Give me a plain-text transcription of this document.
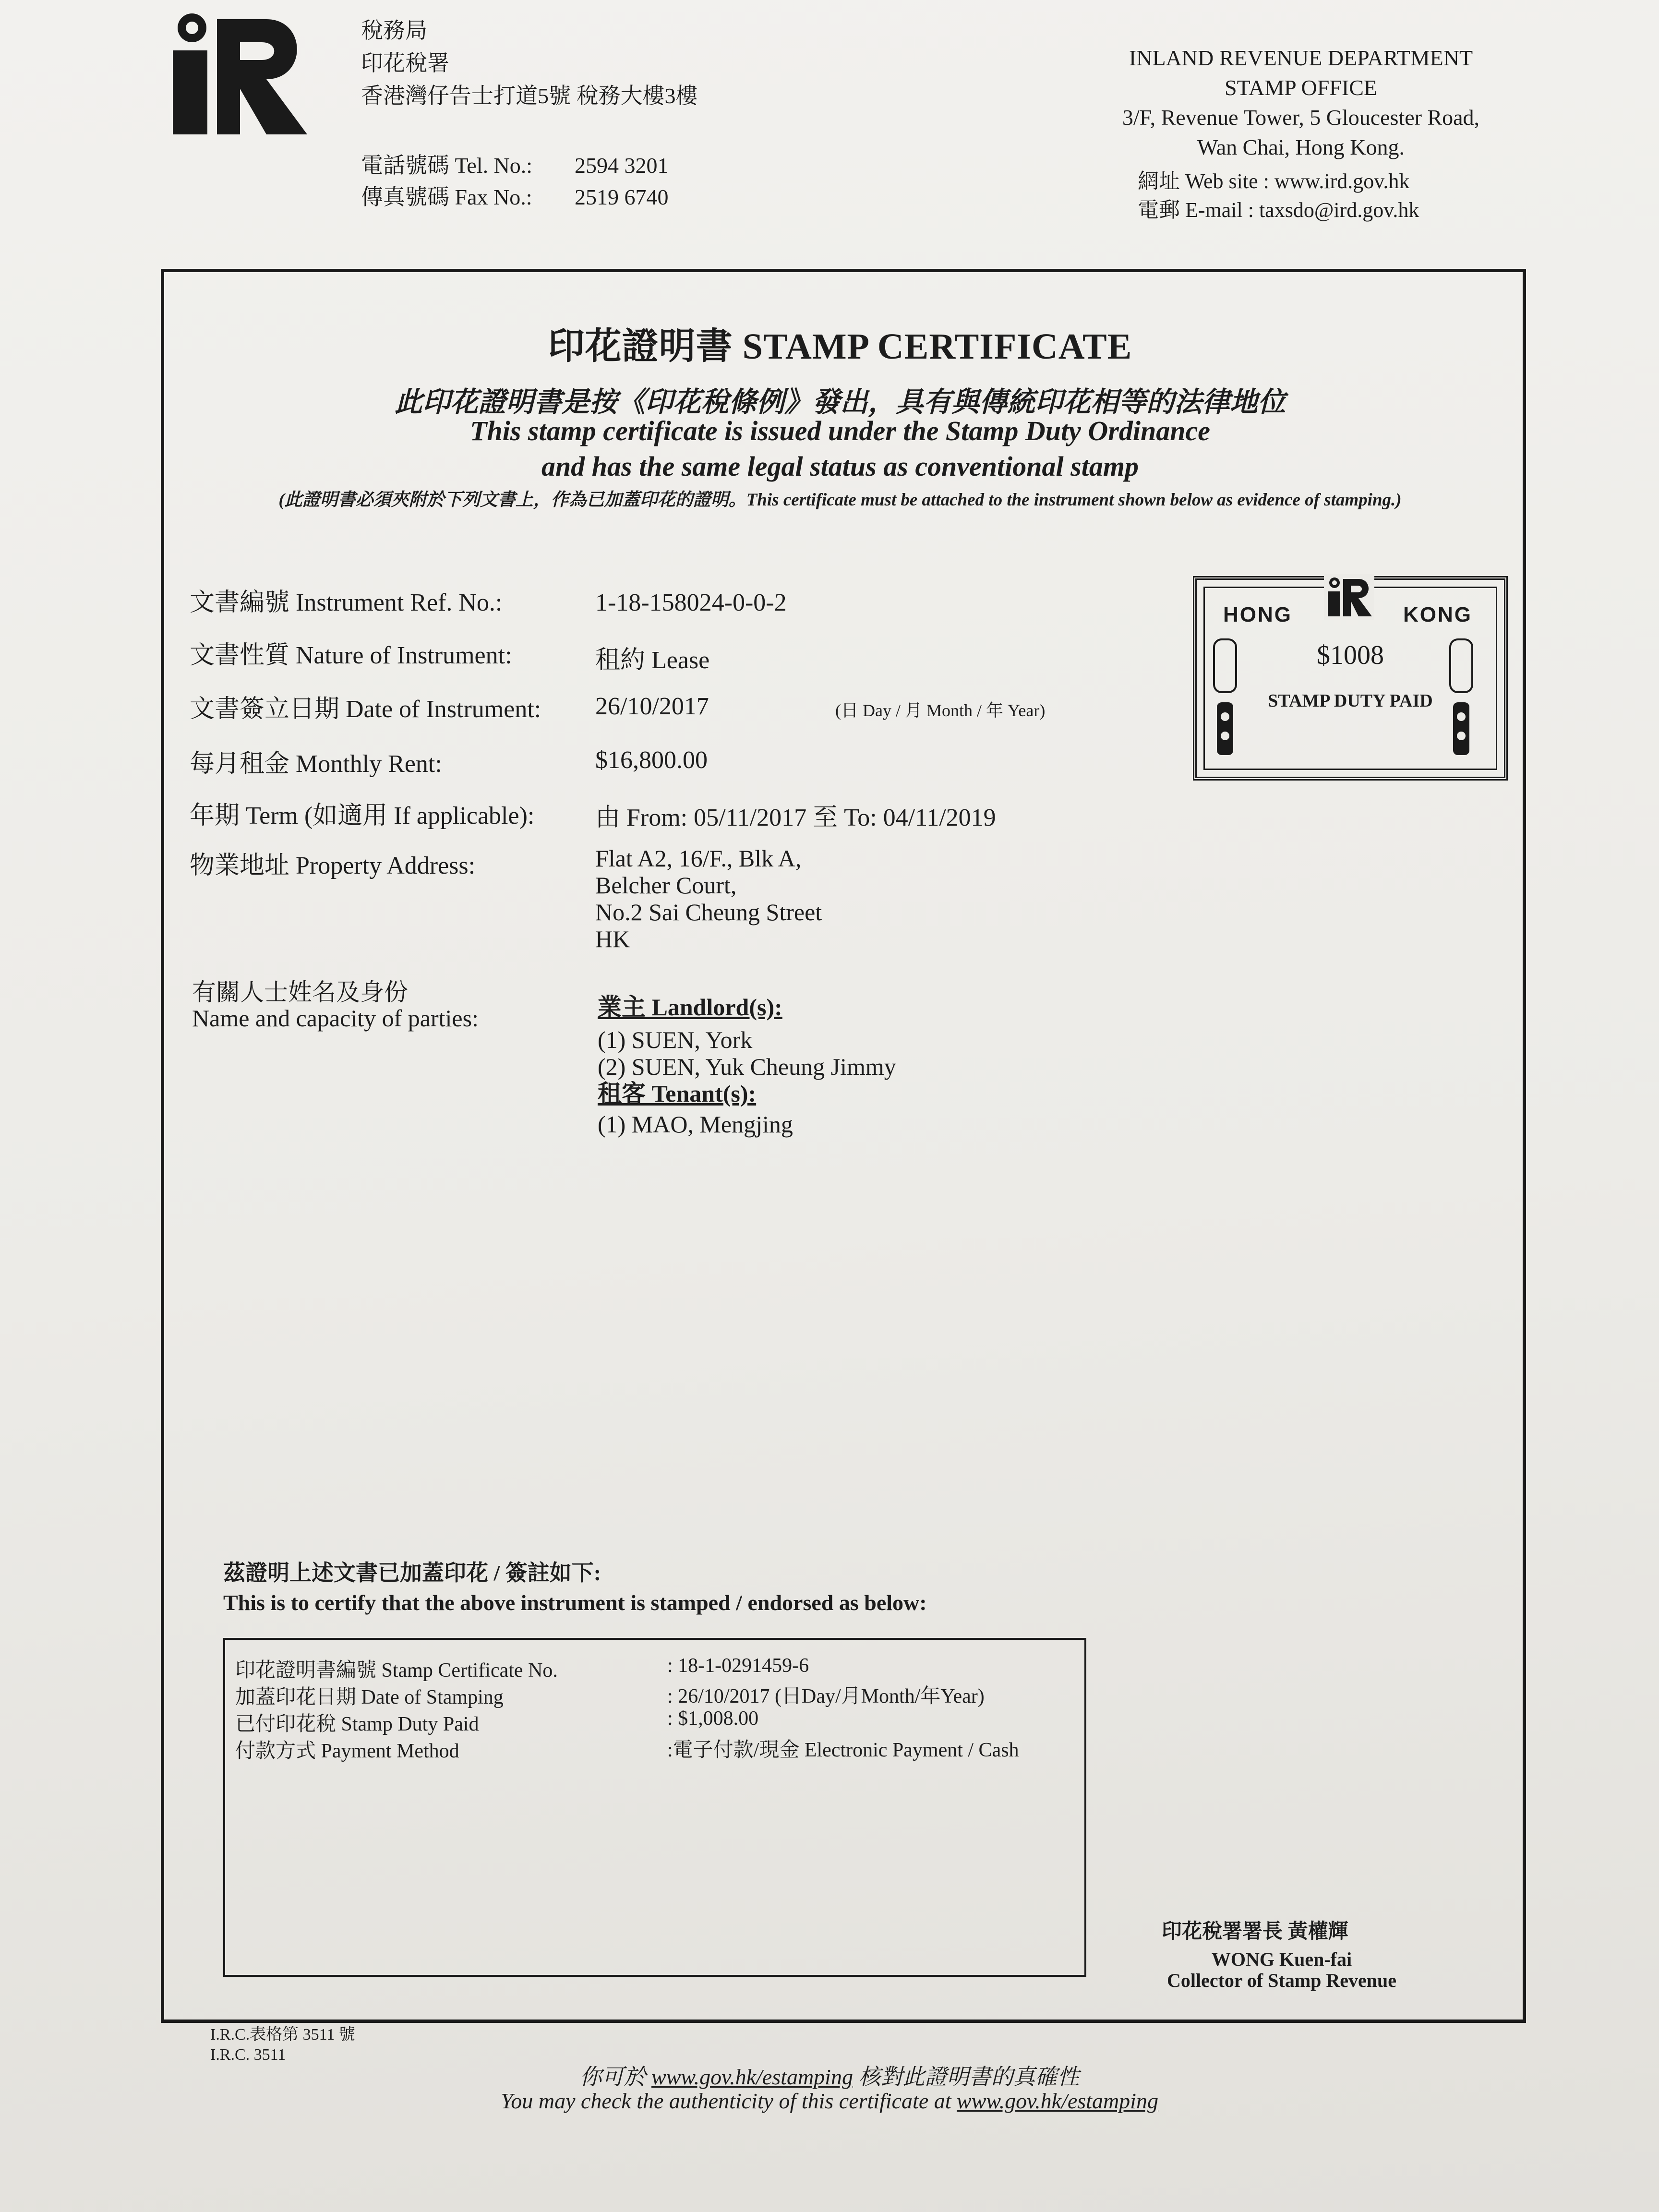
稅務局
印花稅署
香港灣仔告士打道5號 稅務大樓3樓
電話號碼 Tel. No.: 2594 3201
傳真號碼 Fax No.: 2519 6740
INLAND REVENUE DEPARTMENT
STAMP OFFICE
3/F, Revenue Tower, 5 Gloucester Road,
Wan Chai, Hong Kong.
網址 Web site : www.ird.gov.hk
電郵 E-mail : taxsdo@ird.gov.hk
印花證明書 STAMP CERTIFICATE
此印花證明書是按《印花稅條例》發出，具有與傳統印花相等的法律地位
This stamp certificate is issued under the Stamp Duty Ordinance
and has the same legal status as conventional stamp
(此證明書必須夾附於下列文書上，作為已加蓋印花的證明。This certificate must be attached to the instrument shown below as evidence of stamping.)
文書編號 Instrument Ref. No.:	1-18-158024-0-0-2
文書性質 Nature of Instrument:	租約 Lease
文書簽立日期 Date of Instrument: 26/10/2017	(日 Day / 月 Month / 年 Year)
每月租金 Monthly Rent:	$16,800.00
年期 Term (如適用 If applicable): 由 From: 05/11/2017 至 To: 04/11/2019
物業地址 Property Address:	Flat A2, 16/F., Blk A,
Belcher Court,
No.2 Sai Cheung Street
HK
有關人士姓名及身份
Name and capacity of parties:	業主 Landlord(s):
(1) SUEN, York
(2) SUEN, Yuk Cheung Jimmy
租客 Tenant(s):
(1) MAO, Mengjing
HONG	KONG
$1008
STAMP DUTY PAID
茲證明上述文書已加蓋印花 / 簽註如下:
This is to certify that the above instrument is stamped / endorsed as below:
印花證明書編號 Stamp Certificate No.	: 18-1-0291459-6
加蓋印花日期 Date of Stamping	: 26/10/2017 (日Day/月Month/年Year)
已付印花稅 Stamp Duty Paid	: $1,008.00
付款方式 Payment Method	:電子付款/現金 Electronic Payment / Cash
印花稅署署長 黃權輝
WONG Kuen-fai
Collector of Stamp Revenue
I.R.C.表格第 3511 號
I.R.C. 3511
你可於 www.gov.hk/estamping 核對此證明書的真確性
You may check the authenticity of this certificate at www.gov.hk/estamping
